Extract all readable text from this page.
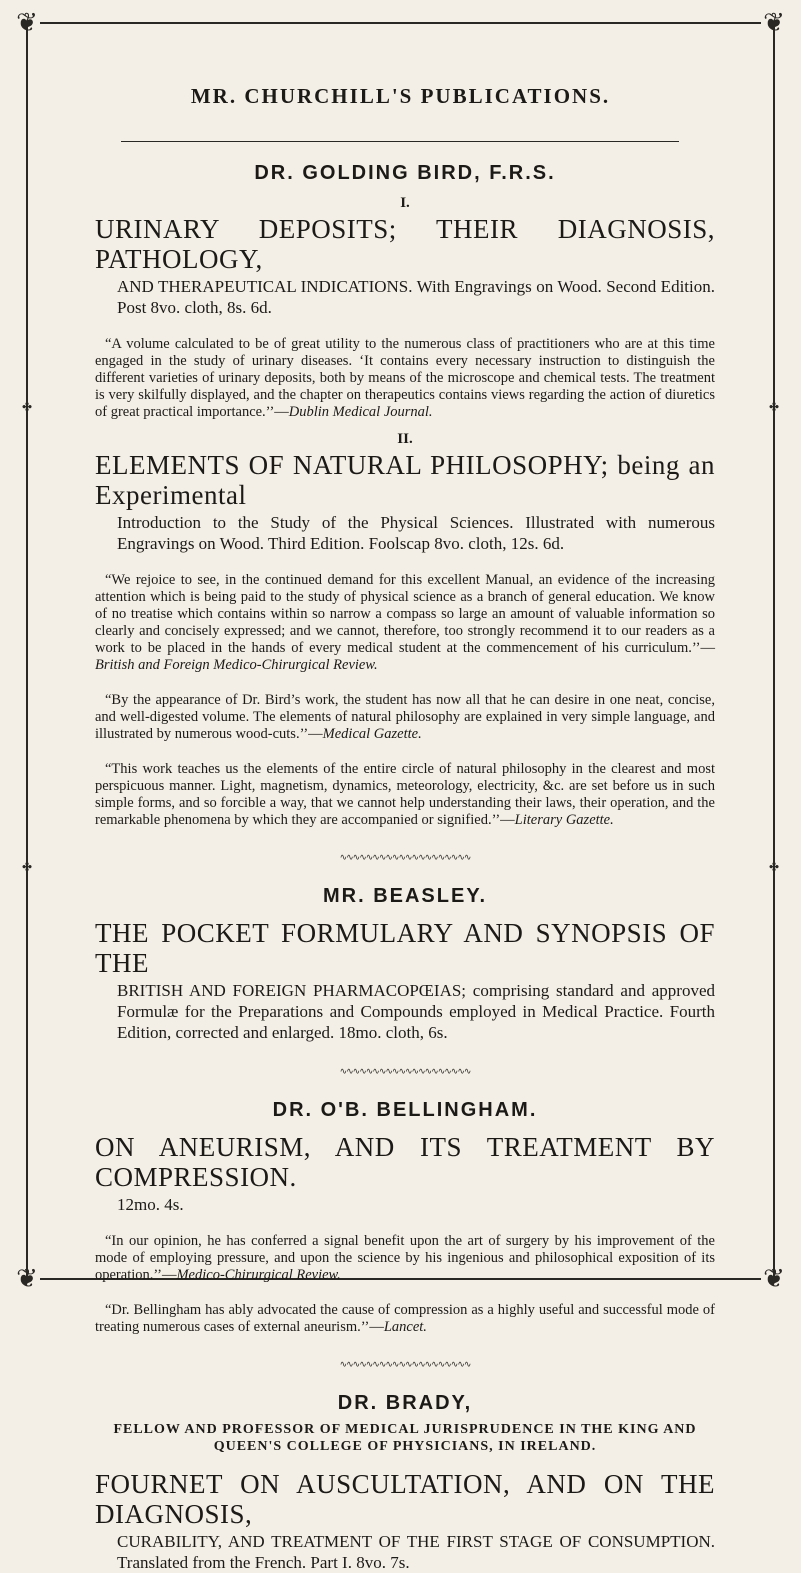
❦	❦
❦	❦
✤	✤
✤	✤
MR. CHURCHILL'S PUBLICATIONS.

DR. GOLDING BIRD, F.R.S.

I.

URINARY DEPOSITS; THEIR DIAGNOSIS, PATHOLOGY,

AND THERAPEUTICAL INDICATIONS. With Engravings on Wood. Second Edition. Post 8vo. cloth, 8s. 6d.

“A volume calculated to be of great utility to the numerous class of practitioners who are at this time engaged in the study of urinary diseases. ‘It contains every necessary instruction to distinguish the different varieties of urinary deposits, both by means of the microscope and chemical tests. The treatment is very skilfully displayed, and the chapter on therapeutics contains views regarding the action of diuretics of great practical importance.’’—Dublin Medical Journal.

II.

ELEMENTS OF NATURAL PHILOSOPHY; being an Experimental

Introduction to the Study of the Physical Sciences. Illustrated with numerous Engravings on Wood. Third Edition. Foolscap 8vo. cloth, 12s. 6d.

“We rejoice to see, in the continued demand for this excellent Manual, an evidence of the increasing attention which is being paid to the study of physical science as a branch of general education. We know of no treatise which contains within so narrow a compass so large an amount of valuable information so clearly and concisely expressed; and we cannot, therefore, too strongly recommend it to our readers as a work to be placed in the hands of every medical student at the commencement of his curriculum.’’—British and Foreign Medico-Chirurgical Review.

“By the appearance of Dr. Bird’s work, the student has now all that he can desire in one neat, concise, and well-digested volume. The elements of natural philosophy are explained in very simple language, and illustrated by numerous wood-cuts.’’—Medical Gazette.

“This work teaches us the elements of the entire circle of natural philosophy in the clearest and most perspicuous manner. Light, magnetism, dynamics, meteorology, electricity, &c. are set before us in such simple forms, and so forcible a way, that we cannot help understanding their laws, their operation, and the remarkable phenomena by which they are accompanied or signified.’’—Literary Gazette.

∿∿∿∿∿∿∿∿∿∿∿∿∿∿∿∿∿∿∿∿

MR. BEASLEY.

THE POCKET FORMULARY AND SYNOPSIS OF THE

BRITISH AND FOREIGN PHARMACOPŒIAS; comprising standard and approved Formulæ for the Preparations and Compounds employed in Medical Practice. Fourth Edition, corrected and enlarged. 18mo. cloth, 6s.

∿∿∿∿∿∿∿∿∿∿∿∿∿∿∿∿∿∿∿∿

DR. O'B. BELLINGHAM.

ON ANEURISM, AND ITS TREATMENT BY COMPRESSION.

12mo. 4s.

“In our opinion, he has conferred a signal benefit upon the art of surgery by his improvement of the mode of employing pressure, and upon the science by his ingenious and philosophical exposition of its operation.’’—Medico-Chirurgical Review.

“Dr. Bellingham has ably advocated the cause of compression as a highly useful and successful mode of treating numerous cases of external aneurism.’’—Lancet.

∿∿∿∿∿∿∿∿∿∿∿∿∿∿∿∿∿∿∿∿

DR. BRADY,

FELLOW AND PROFESSOR OF MEDICAL JURISPRUDENCE IN THE KING AND QUEEN'S COLLEGE OF PHYSICIANS, IN IRELAND.

FOURNET ON AUSCULTATION, AND ON THE DIAGNOSIS,

CURABILITY, AND TREATMENT OF THE FIRST STAGE OF CONSUMPTION. Translated from the French. Part I. 8vo. 7s.
